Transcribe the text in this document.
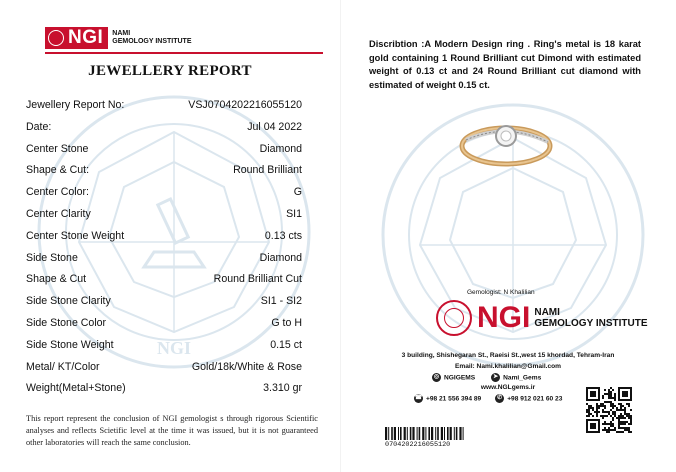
NGI
NGI NAMI
GEMOLOGY INSTITUTE
JEWELLERY REPORT
Jewellery Report No:	VSJ0704202216055120
Date:	Jul 04 2022
Center Stone	Diamond
Shape & Cut:	Round Brilliant
Center Color:	G
Center Clarity	SI1
Center Stone Weight	0.13 cts
Side Stone	Diamond
Shape & Cut	Round Brilliant Cut
Side Stone Clarity	SI1 - SI2
Side Stone Color	G to H
Side Stone Weight	0.15 ct
Metal/ KT/Color	Gold/18k/White & Rose
Weight(Metal+Stone)	3.310 gr
This report represent the conclusion of NGI gemologist s through rigorous Scientific analyses and reflects Scietific level at the time it was issued, but it is not guaranteed other laboratories will reach the same conclusion.
Discribtion :A Modern Design ring . Ring's metal is 18 karat gold containing 1 Round Brilliant cut Dimond with estimated weight of 0.13 ct and 24 Round Brilliant cut diamond with estimated of weight 0.15 ct.
Gemologist: N Khalilian
NGI NAMI
GEMOLOGY INSTITUTE
3 building, Shishegaran St., Raeisi St.,west 15 khordad, Tehram-Iran
Email: Nami.khalilian@Gmail.com
◎ NGIGEMS	➤ Nami_Gems
www.NGLgems.ir
☎ +98 21 556 394 89	✆ +98 912 021 60 23
0704202216055120
